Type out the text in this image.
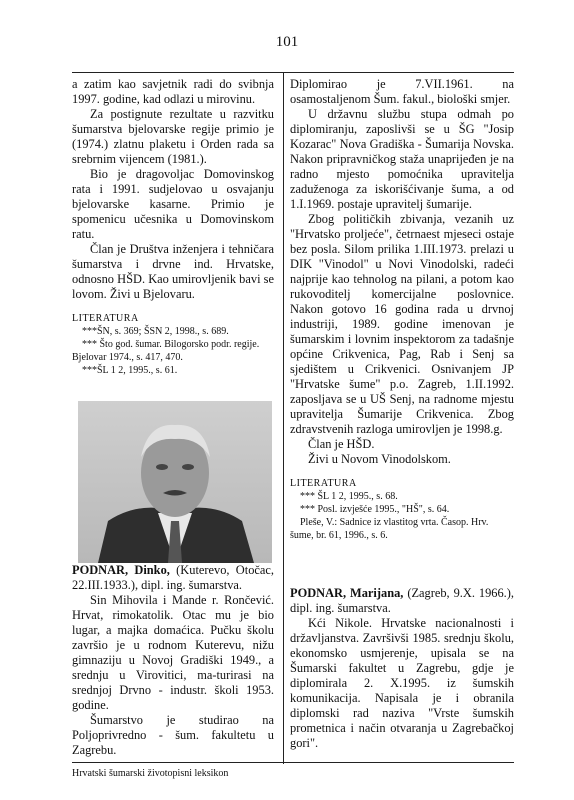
101

a zatim kao savjetnik radi do svibnja 1997. godine, kad odlazi u mirovinu.

Za postignute rezultate u razvitku šumarstva bjelovarske regije primio je (1974.) zlatnu plaketu i Orden rada sa srebrnim vijencem (1981.).

Bio je dragovoljac Domovinskog rata i 1991. sudjelovao u osvajanju bjelovarske kasarne. Primio je spomenicu učesnika u Domovinskom ratu.

Član je Društva inženjera i tehničara šumarstva i drvne ind. Hrvatske, odnosno HŠD. Kao umirovljenik bavi se lovom. Živi u Bjelovaru.

LITERATURA

***ŠN, s. 369; ŠSN 2, 1998., s. 689.

*** Što god. šumar. Bilogorsko podr. regije. Bjelovar 1974., s. 417, 470.

***ŠL 1 2, 1995., s. 61.

PODNAR, Dinko, (Kuterevo, Otočac, 22.III.1933.), dipl. ing. šumarstva.

Sin Mihovila i Mande r. Rončević. Hrvat, rimokatolik. Otac mu je bio lugar, a majka domaćica. Pučku školu završio je u rodnom Kuterevu, nižu gimnaziju u Novoj Gradiški 1949., a srednju u Virovitici, ma-turirasi na srednjoj Drvno - industr. školi 1953. godine.

Šumarstvo je studirao na Poljoprivredno - šum. fakultetu u Zagrebu.

Diplomirao je 7.VII.1961. na osamostaljenom Šum. fakul., biološki smjer.

U državnu službu stupa odmah po diplomiranju, zaposlivši se u ŠG "Josip Kozarac" Nova Gradiška - Šumarija Novska. Nakon pripravničkog staža unaprijeđen je na radno mjesto pomoćnika upravitelja zaduženoga za iskorišćivanje šuma, a od 1.I.1969. postaje upravitelj šumarije.

Zbog političkih zbivanja, vezanih uz "Hrvatsko proljeće", četrnaest mjeseci ostaje bez posla. Silom prilika 1.III.1973. prelazi u DIK "Vinodol" u Novi Vinodolski, radeći najprije kao tehnolog na pilani, a potom kao rukovoditelj komercijalne poslovnice. Nakon gotovo 16 godina rada u drvnoj industriji, 1989. godine imenovan je šumarskim i lovnim inspektorom za tadašnje općine Crikvenica, Pag, Rab i Senj sa sjedištem u Crikvenici. Osnivanjem JP "Hrvatske šume" p.o. Zagreb, 1.II.1992. zaposljava se u UŠ Senj, na radnome mjestu upravitelja Šumarije Crikvenica. Zbog zdravstvenih razloga umirovljen je 1998.g.

Član je HŠD.

Živi u Novom Vinodolskom.

LITERATURA

*** ŠL 1 2, 1995., s. 68.

*** Posl. izvješće 1995., "HŠ", s. 64.

Pleše, V.: Sadnice iz vlastitog vrta. Časop. Hrv. šume, br. 61, 1996., s. 6.

PODNAR, Marijana, (Zagreb, 9.X. 1966.), dipl. ing. šumarstva.

Kći Nikole. Hrvatske nacionalnosti i državljanstva. Završivši 1985. srednju školu, ekonomsko usmjerenje, upisala se na Šumarski fakultet u Zagrebu, gdje je diplomirala 2. X.1995. iz šumskih komunikacija. Napisala je i obranila diplomski rad naziva "Vrste šumskih prometnica i način otvaranja u Zagrebačkoj gori".

Hrvatski šumarski životopisni leksikon
